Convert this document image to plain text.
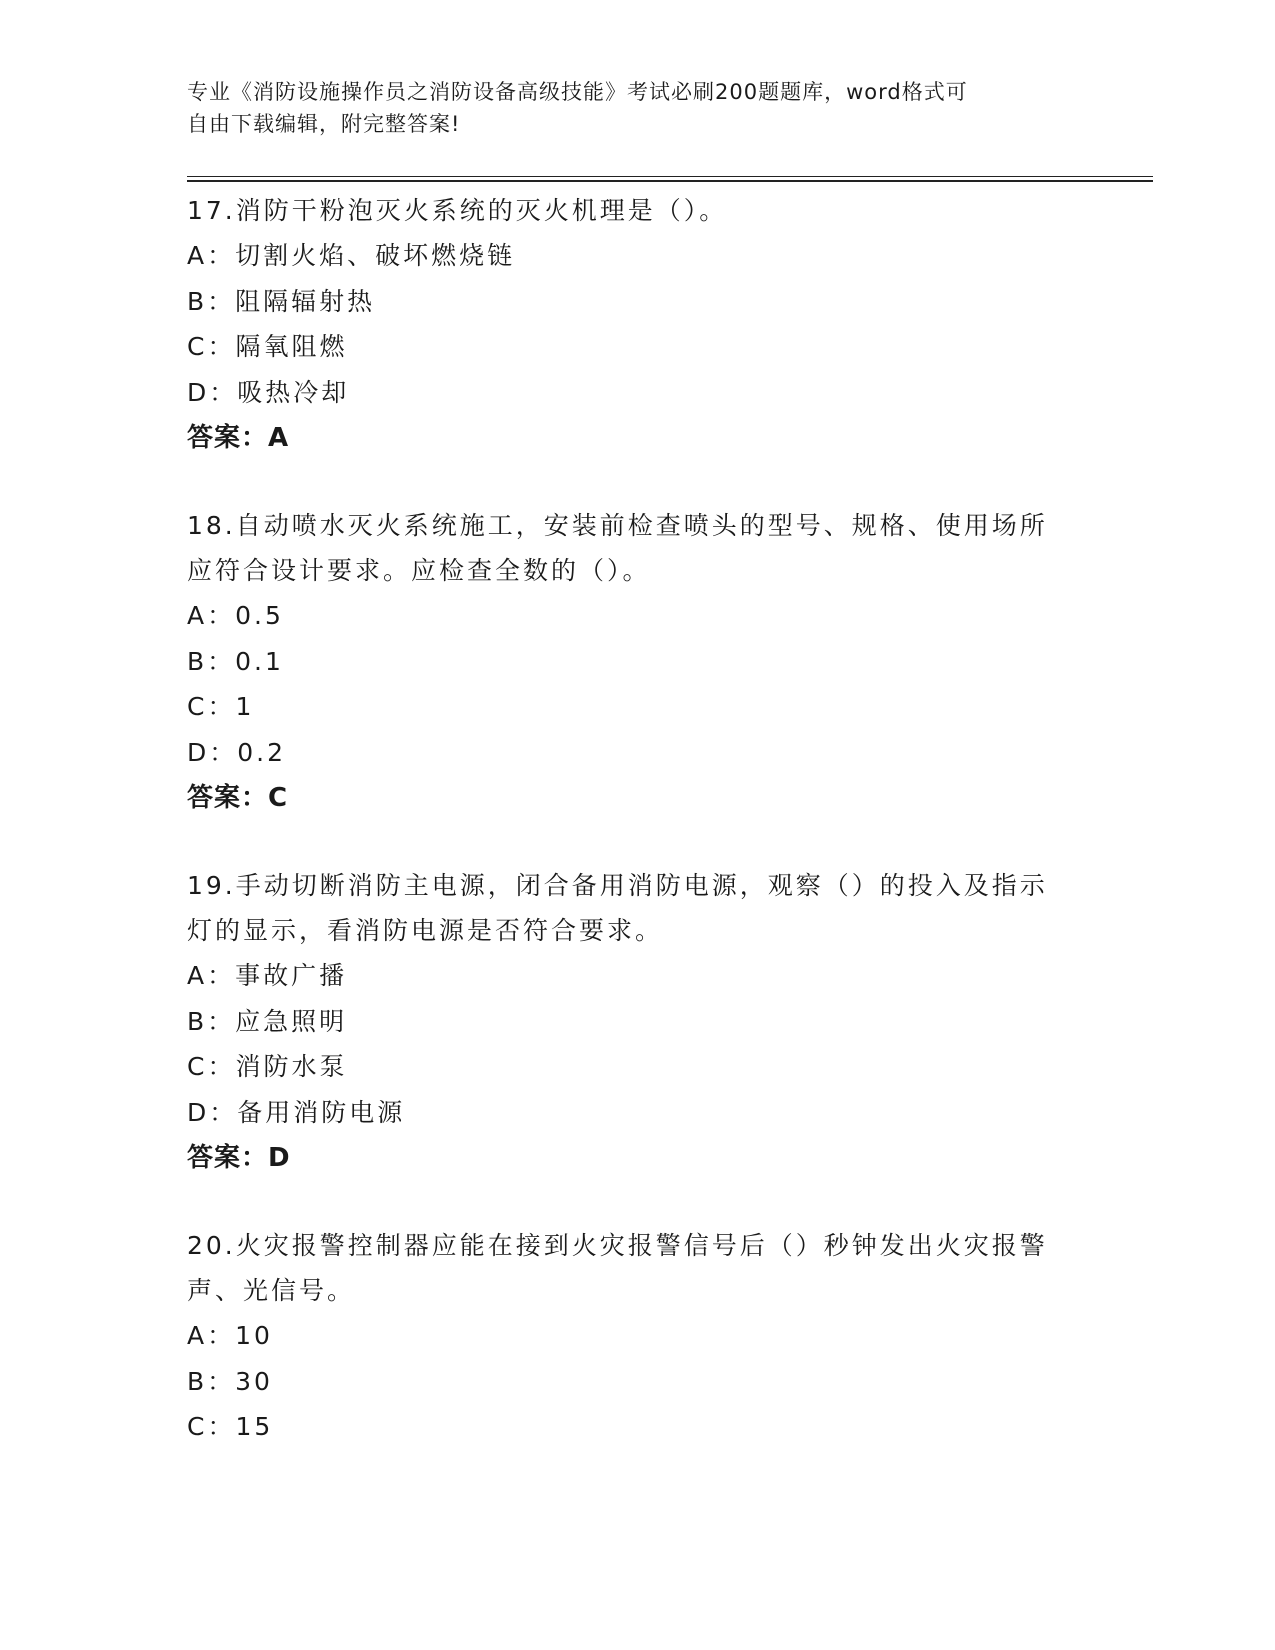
专业《消防设施操作员之消防设备高级技能》考试必刷200题题库，word格式可
自由下载编辑，附完整答案!
17.消防干粉泡灭火系统的灭火机理是（）。
A：切割火焰、破坏燃烧链
B：阻隔辐射热
C：隔氧阻燃
D：吸热冷却
答案：A
18.自动喷水灭火系统施工，安装前检查喷头的型号、规格、使用场所
应符合设计要求。应检查全数的（）。
A：0.5
B：0.1
C：1
D：0.2
答案：C
19.手动切断消防主电源，闭合备用消防电源，观察（）的投入及指示
灯的显示，看消防电源是否符合要求。
A：事故广播
B：应急照明
C：消防水泵
D：备用消防电源
答案：D
20.火灾报警控制器应能在接到火灾报警信号后（）秒钟发出火灾报警
声、光信号。
A：10
B：30
C：15
